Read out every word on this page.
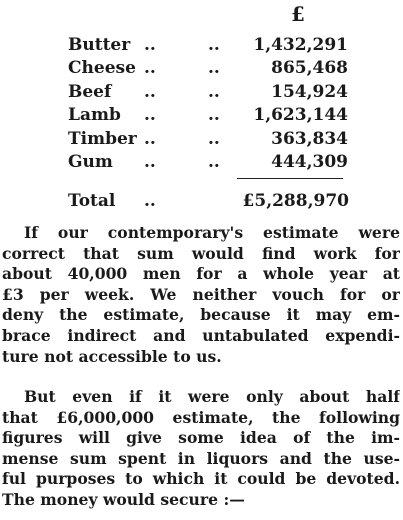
£
Butter ..	.. 1,432,291
Cheese ..	..	865,468
Beef ..	..	154,924
Lamb ..	.. 1,623,144
Timber ..	..	363,834
Gum ..	..	444,309
Total ..	£5,288,970
If our contemporary's estimate were
correct that sum would find work for
about 40,000 men for a whole year at
£3 per week. We neither vouch for or
deny the estimate, because it may em-
brace indirect and untabulated expendi-
ture not accessible to us.
But even if it were only about half
that £6,000,000 estimate, the following
figures will give some idea of the im-
mense sum spent in liquors and the use-
ful purposes to which it could be devoted.
The money would secure :—
